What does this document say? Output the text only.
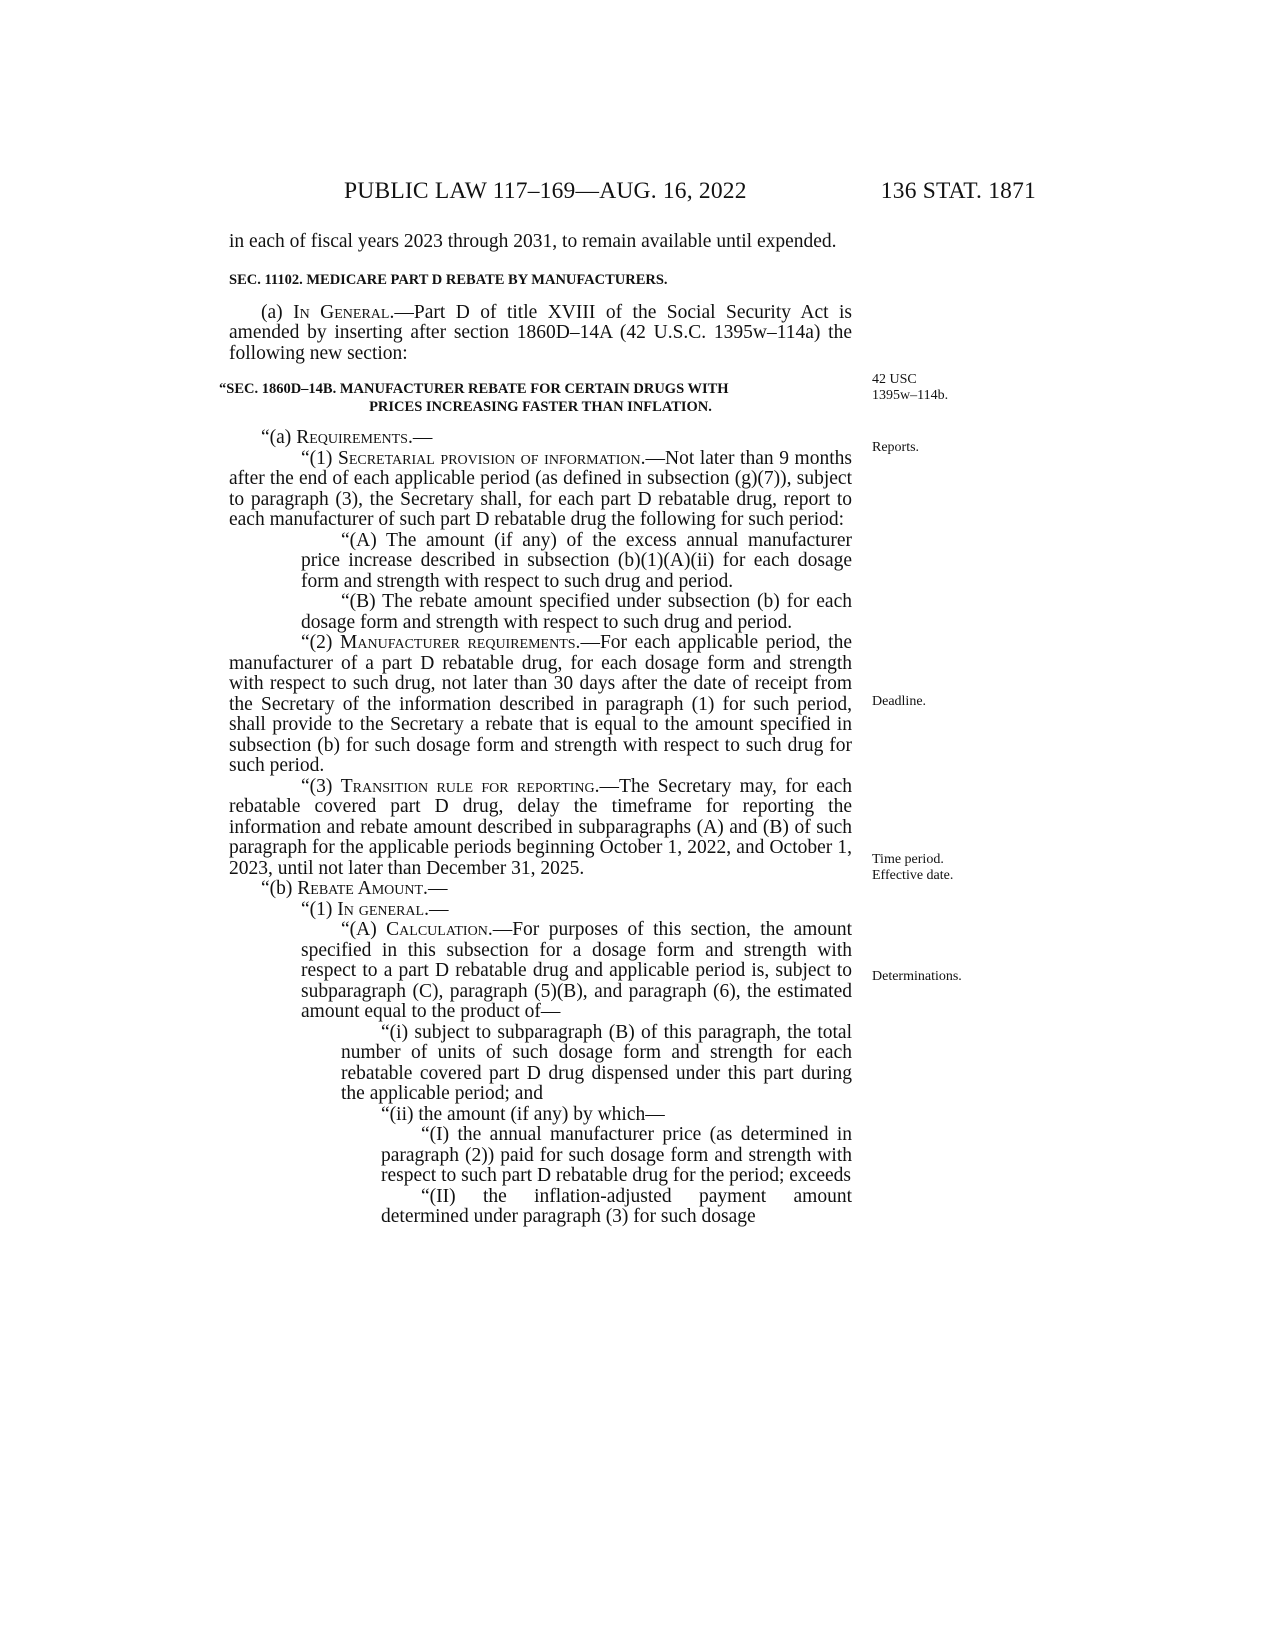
PUBLIC LAW 117–169—AUG. 16, 2022	136 STAT. 1871

in each of fiscal years 2023 through 2031, to remain available until expended.

SEC. 11102. MEDICARE PART D REBATE BY MANUFACTURERS.

(a) In General.—Part D of title XVIII of the Social Security Act is amended by inserting after section 1860D–14A (42 U.S.C. 1395w–114a) the following new section:

“SEC. 1860D–14B. MANUFACTURER REBATE FOR CERTAIN DRUGS WITH

PRICES INCREASING FASTER THAN INFLATION.

“(a) Requirements.—

“(1) Secretarial provision of information.—Not later than 9 months after the end of each applicable period (as defined in subsection (g)(7)), subject to paragraph (3), the Secretary shall, for each part D rebatable drug, report to each manufacturer of such part D rebatable drug the following for such period:

“(A) The amount (if any) of the excess annual manufacturer price increase described in subsection (b)(1)(A)(ii) for each dosage form and strength with respect to such drug and period.

“(B) The rebate amount specified under subsection (b) for each dosage form and strength with respect to such drug and period.

“(2) Manufacturer requirements.—For each applicable period, the manufacturer of a part D rebatable drug, for each dosage form and strength with respect to such drug, not later than 30 days after the date of receipt from the Secretary of the information described in paragraph (1) for such period, shall provide to the Secretary a rebate that is equal to the amount specified in subsection (b) for such dosage form and strength with respect to such drug for such period.

“(3) Transition rule for reporting.—The Secretary may, for each rebatable covered part D drug, delay the timeframe for reporting the information and rebate amount described in subparagraphs (A) and (B) of such paragraph for the applicable periods beginning October 1, 2022, and October 1, 2023, until not later than December 31, 2025.

“(b) Rebate Amount.—

“(1) In general.—

“(A) Calculation.—For purposes of this section, the amount specified in this subsection for a dosage form and strength with respect to a part D rebatable drug and applicable period is, subject to subparagraph (C), paragraph (5)(B), and paragraph (6), the estimated amount equal to the product of—

“(i) subject to subparagraph (B) of this paragraph, the total number of units of such dosage form and strength for each rebatable covered part D drug dispensed under this part during the applicable period; and

“(ii) the amount (if any) by which—

“(I) the annual manufacturer price (as determined in paragraph (2)) paid for such dosage form and strength with respect to such part D rebatable drug for the period; exceeds

“(II) the inflation-adjusted payment amount determined under paragraph (3) for such dosage

42 USC
1395w–114b.
Reports.
Deadline.
Time period.
Effective date.
Determinations.
